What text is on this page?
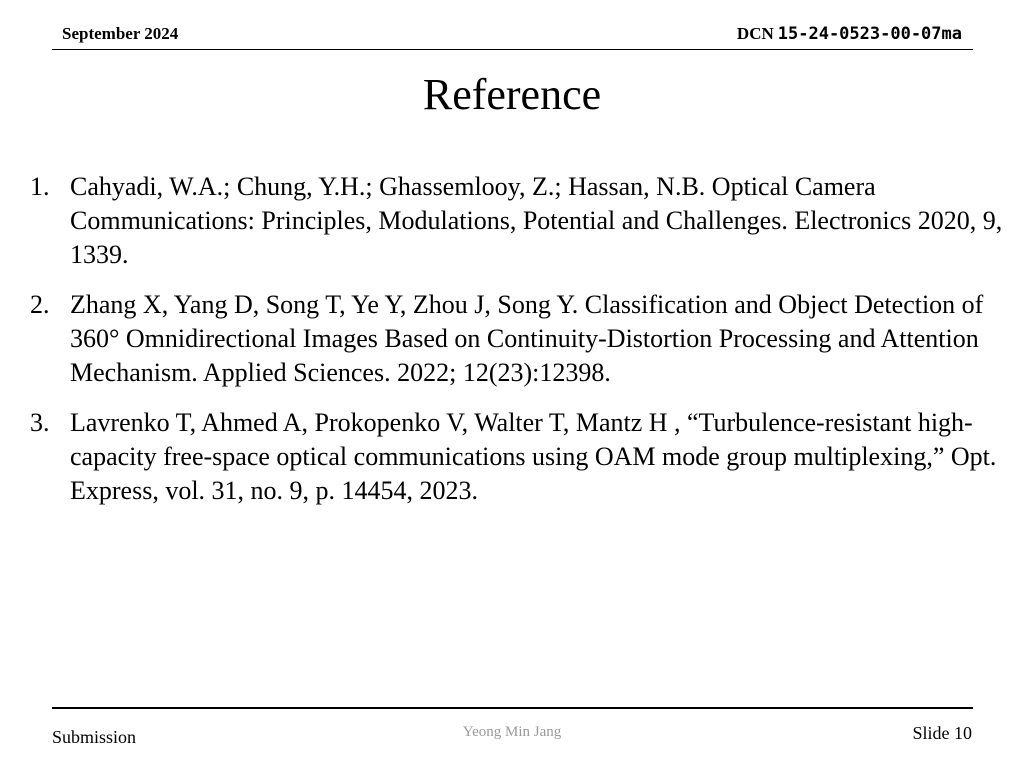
September 2024	DCN 15-24-0523-00-07ma
Reference
1. Cahyadi, W.A.; Chung, Y.H.; Ghassemlooy, Z.; Hassan, N.B. Optical Camera Communications: Principles, Modulations, Potential and Challenges. Electronics 2020, 9, 1339.
2. Zhang X, Yang D, Song T, Ye Y, Zhou J, Song Y. Classification and Object Detection of 360° Omnidirectional Images Based on Continuity-Distortion Processing and Attention Mechanism. Applied Sciences. 2022; 12(23):12398.
3. Lavrenko T, Ahmed A, Prokopenko V, Walter T, Mantz H , “Turbulence-resistant high-capacity free-space optical communications using OAM mode group multiplexing,” Opt. Express, vol. 31, no. 9, p. 14454, 2023.
Submission	Yeong Min Jang	Slide 10
